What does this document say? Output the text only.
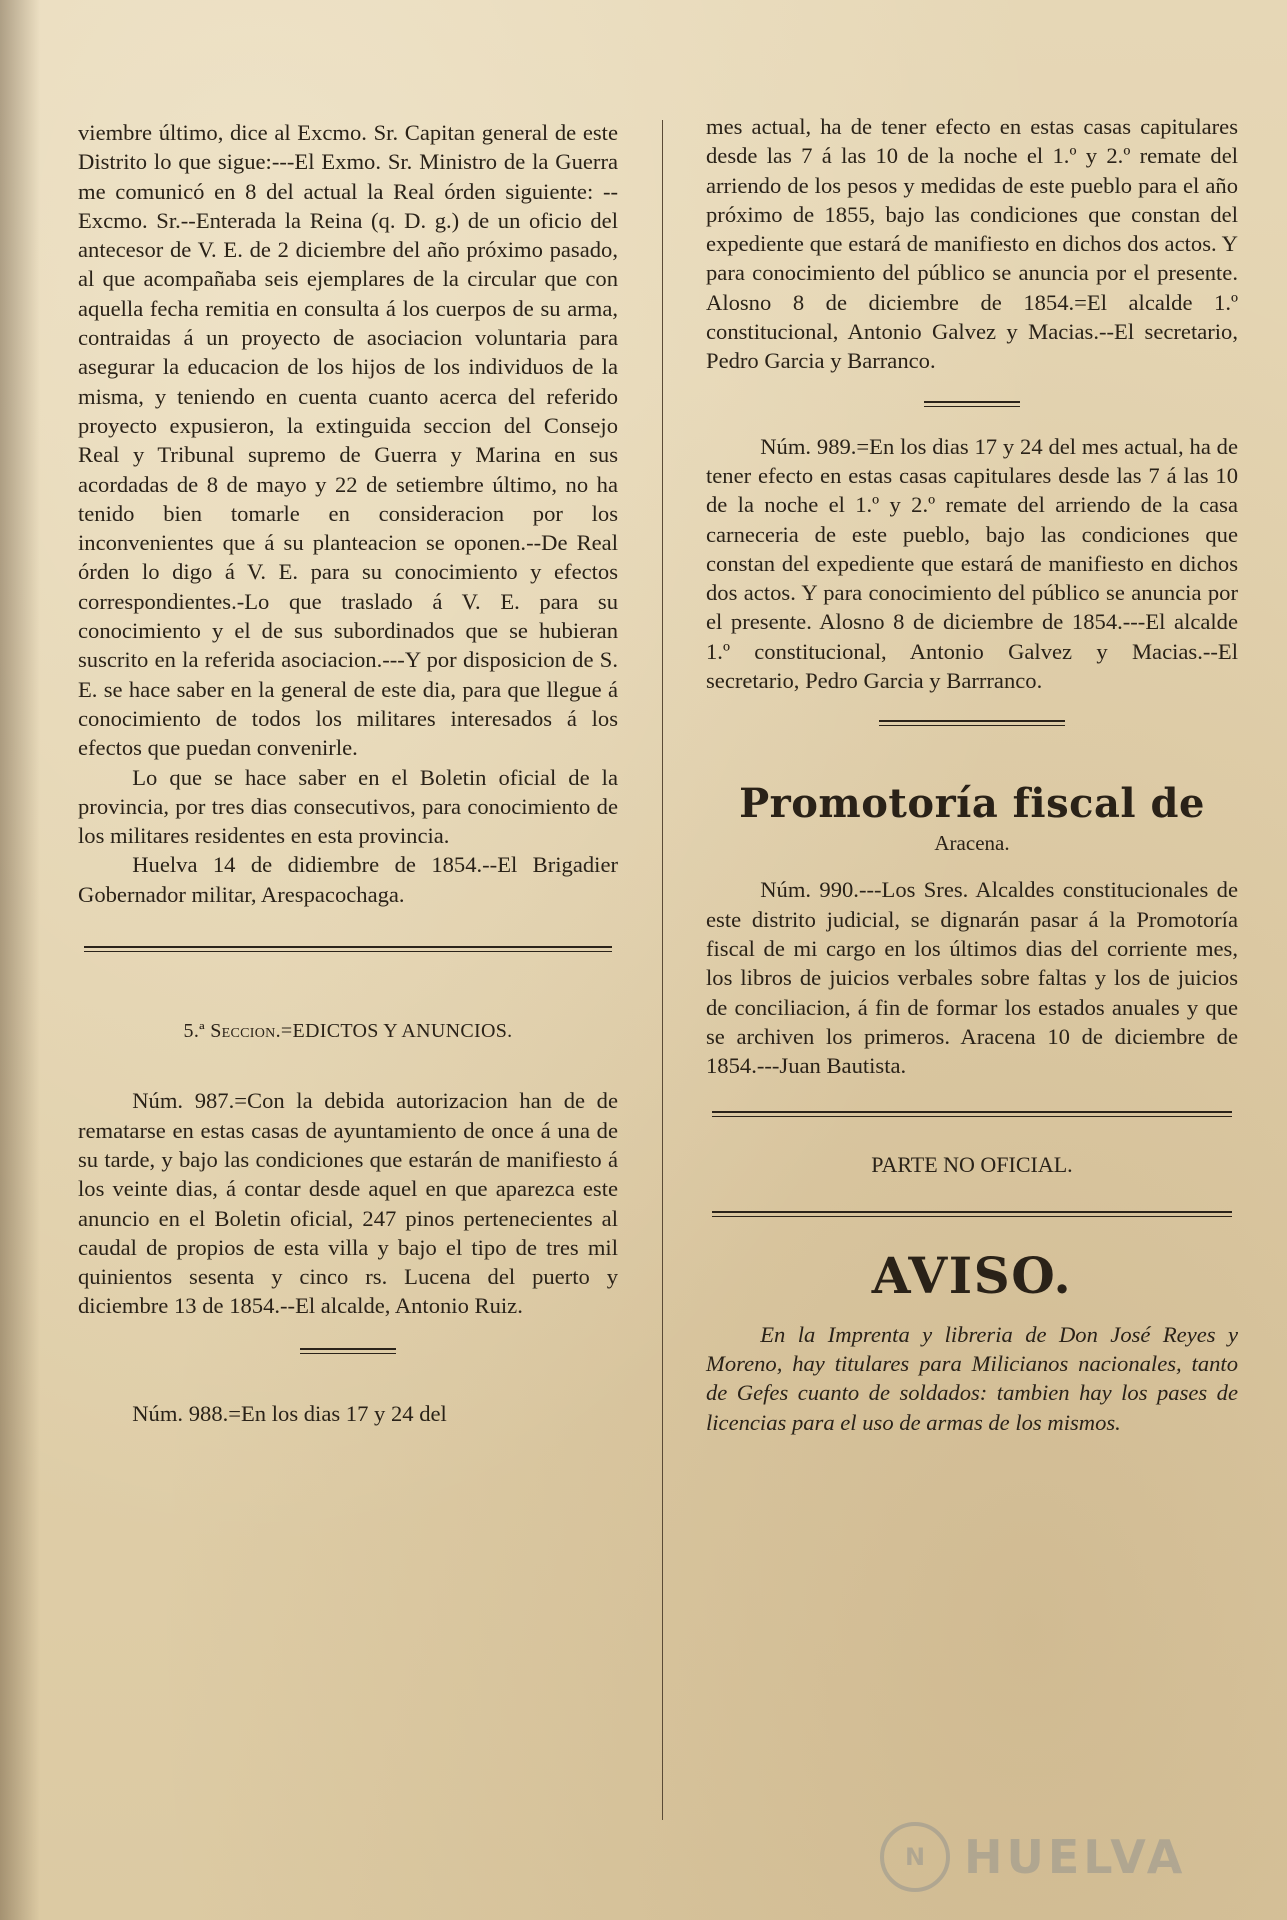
viembre último, dice al Excmo. Sr. Capitan general de este Distrito lo que sigue:---El Exmo. Sr. Ministro de la Guerra me comunicó en 8 del actual la Real órden siguiente: --Excmo. Sr.--Enterada la Reina (q. D. g.) de un oficio del antecesor de V. E. de 2 diciembre del año próximo pasado, al que acompañaba seis ejemplares de la circular que con aquella fecha remitia en consulta á los cuerpos de su arma, contraidas á un proyecto de asociacion voluntaria para asegurar la educacion de los hijos de los individuos de la misma, y teniendo en cuenta cuanto acerca del referido proyecto expusieron, la extinguida seccion del Consejo Real y Tribunal supremo de Guerra y Marina en sus acordadas de 8 de mayo y 22 de setiembre último, no ha tenido bien tomarle en consideracion por los inconvenientes que á su planteacion se oponen.--De Real órden lo digo á V. E. para su conocimiento y efectos correspondientes.-Lo que traslado á V. E. para su conocimiento y el de sus subordinados que se hubieran suscrito en la referida asociacion.---Y por disposicion de S. E. se hace saber en la general de este dia, para que llegue á conocimiento de todos los militares interesados á los efectos que puedan convenirle.

Lo que se hace saber en el Boletin oficial de la provincia, por tres dias consecutivos, para conocimiento de los militares residentes en esta provincia.

Huelva 14 de didiembre de 1854.--El Brigadier Gobernador militar, Arespacochaga.

5.ª Seccion.=EDICTOS Y ANUNCIOS.

Núm. 987.=Con la debida autorizacion han de de rematarse en estas casas de ayuntamiento de once á una de su tarde, y bajo las condiciones que estarán de manifiesto á los veinte dias, á contar desde aquel en que aparezca este anuncio en el Boletin oficial, 247 pinos pertenecientes al caudal de propios de esta villa y bajo el tipo de tres mil quinientos sesenta y cinco rs. Lucena del puerto y diciembre 13 de 1854.--El alcalde, Antonio Ruiz.

Núm. 988.=En los dias 17 y 24 del

mes actual, ha de tener efecto en estas casas capitulares desde las 7 á las 10 de la noche el 1.º y 2.º remate del arriendo de los pesos y medidas de este pueblo para el año próximo de 1855, bajo las condiciones que constan del expediente que estará de manifiesto en dichos dos actos. Y para conocimiento del público se anuncia por el presente. Alosno 8 de diciembre de 1854.=El alcalde 1.º constitucional, Antonio Galvez y Macias.--El secretario, Pedro Garcia y Barranco.

Núm. 989.=En los dias 17 y 24 del mes actual, ha de tener efecto en estas casas capitulares desde las 7 á las 10 de la noche el 1.º y 2.º remate del arriendo de la casa carneceria de este pueblo, bajo las condiciones que constan del expediente que estará de manifiesto en dichos dos actos. Y para conocimiento del público se anuncia por el presente. Alosno 8 de diciembre de 1854.---El alcalde 1.º constitucional, Antonio Galvez y Macias.--El secretario, Pedro Garcia y Barrranco.

Promotoría fiscal de
Aracena.

Núm. 990.---Los Sres. Alcaldes constitucionales de este distrito judicial, se dignarán pasar á la Promotoría fiscal de mi cargo en los últimos dias del corriente mes, los libros de juicios verbales sobre faltas y los de juicios de conciliacion, á fin de formar los estados anuales y que se archiven los primeros. Aracena 10 de diciembre de 1854.---Juan Bautista.

PARTE NO OFICIAL.
AVISO.

En la Imprenta y libreria de Don José Reyes y Moreno, hay titulares para Milicianos nacionales, tanto de Gefes cuanto de soldados: tambien hay los pases de licencias para el uso de armas de los mismos.

N HUELVA
